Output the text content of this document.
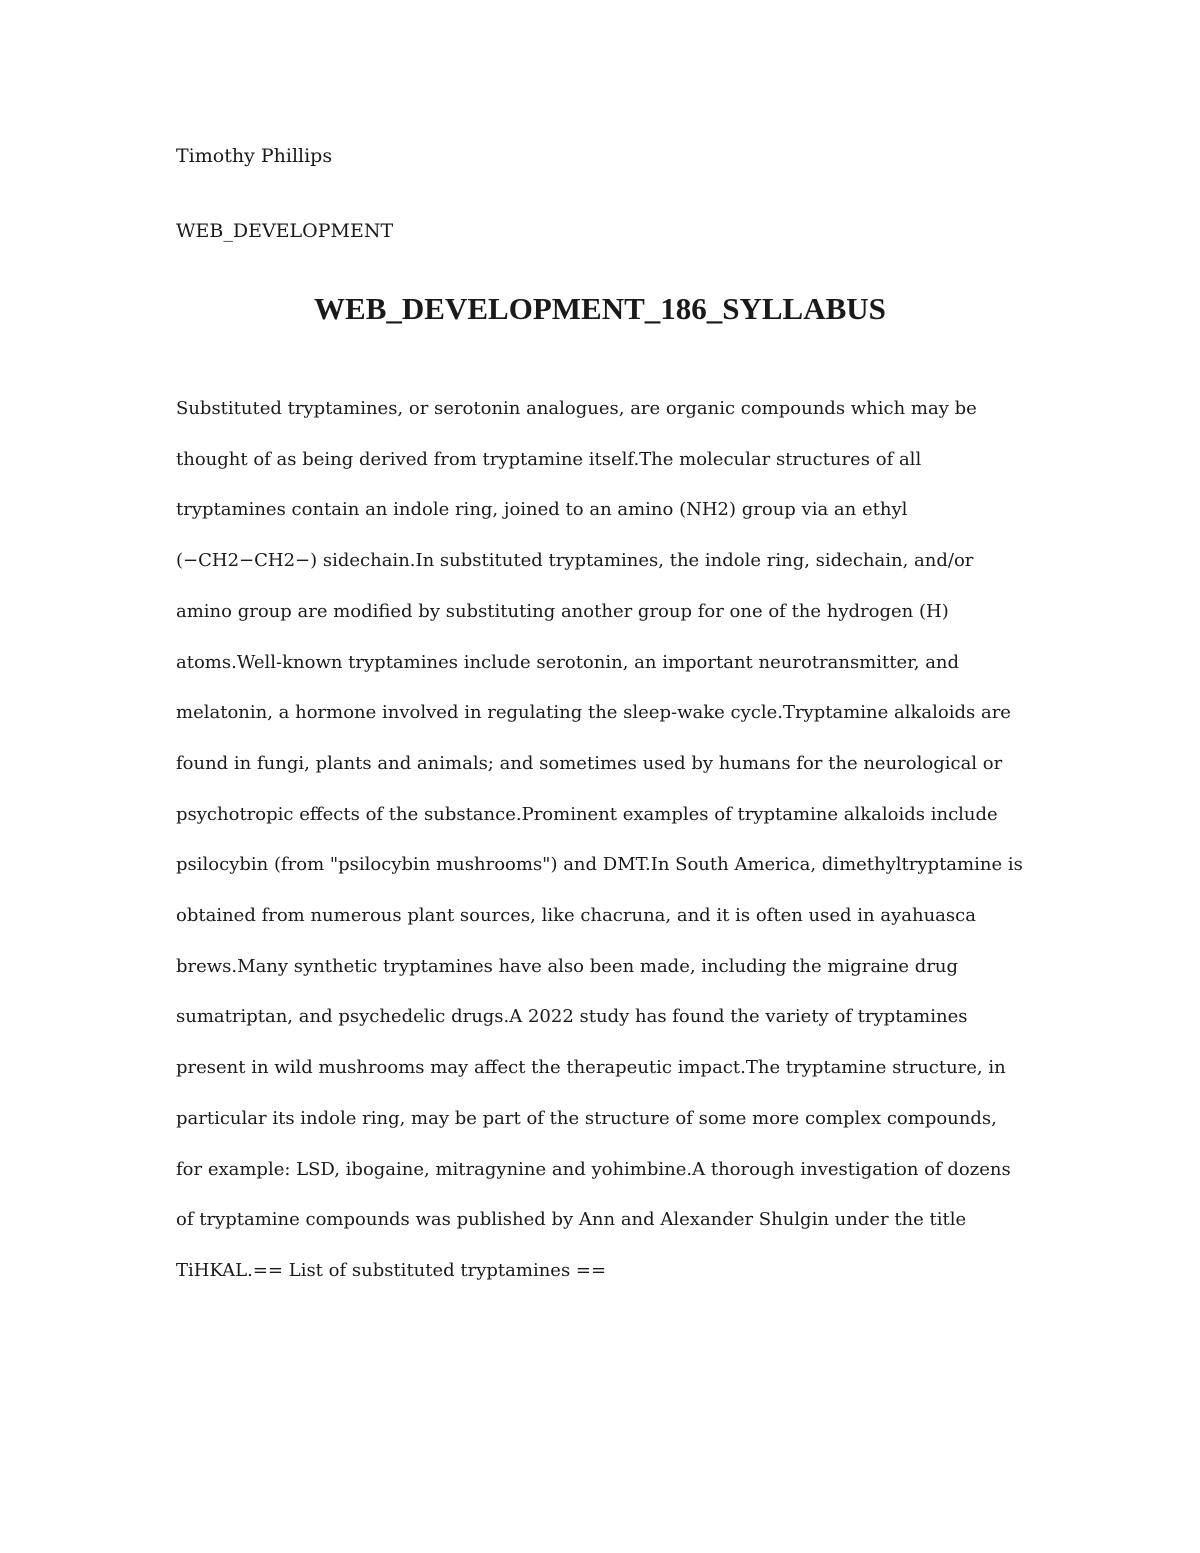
Timothy Phillips

WEB_DEVELOPMENT

WEB_DEVELOPMENT_186_SYLLABUS

Substituted tryptamines, or serotonin analogues, are organic compounds which may be thought of as being derived from tryptamine itself.The molecular structures of all tryptamines contain an indole ring, joined to an amino (NH2) group via an ethyl (−CH2−CH2−) sidechain.In substituted tryptamines, the indole ring, sidechain, and/or amino group are modified by substituting another group for one of the hydrogen (H) atoms.Well-known tryptamines include serotonin, an important neurotransmitter, and melatonin, a hormone involved in regulating the sleep-wake cycle.Tryptamine alkaloids are found in fungi, plants and animals; and sometimes used by humans for the neurological or psychotropic effects of the substance.Prominent examples of tryptamine alkaloids include psilocybin (from "psilocybin mushrooms") and DMT.In South America, dimethyltryptamine is obtained from numerous plant sources, like chacruna, and it is often used in ayahuasca brews.Many synthetic tryptamines have also been made, including the migraine drug sumatriptan, and psychedelic drugs.A 2022 study has found the variety of tryptamines present in wild mushrooms may affect the therapeutic impact.The tryptamine structure, in particular its indole ring, may be part of the structure of some more complex compounds, for example: LSD, ibogaine, mitragynine and yohimbine.A thorough investigation of dozens of tryptamine compounds was published by Ann and Alexander Shulgin under the title TiHKAL.== List of substituted tryptamines ==
